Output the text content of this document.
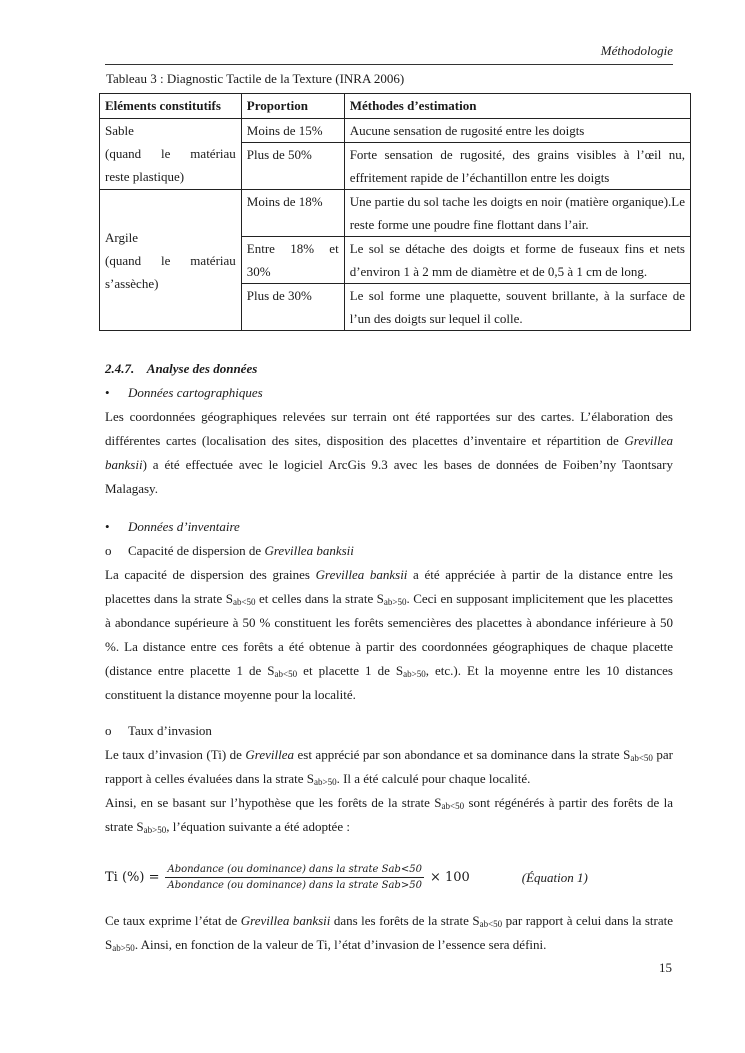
Méthodologie
Tableau 3 : Diagnostic Tactile de la Texture (INRA 2006)
Eléments constitutifs	Proportion	Méthodes d’estimation

Sable
(quand le matériau
reste plastique)	Moins de 15%	Aucune sensation de rugosité entre les doigts
	Plus de 50%	Forte sensation de rugosité, des grains visibles à l’œil nu, effritement rapide de l’échantillon entre les doigts

Argile
(quand le matériau
s’assèche)	Moins de 18%	Une partie du sol tache les doigts en noir (matière organique).Le reste forme une poudre fine flottant dans l’air.
	Entre 18% et 30%	Le sol se détache des doigts et forme de fuseaux fins et nets d’environ 1 à 2 mm de diamètre et de 0,5 à 1 cm de long.
	Plus de 30%	Le sol forme une plaquette, souvent brillante, à la surface de l’un des doigts sur lequel il colle.

2.4.7.    Analyse des données

•	Données cartographiques

Les coordonnées géographiques relevées sur terrain ont été rapportées sur des cartes. L’élaboration des différentes cartes (localisation des sites, disposition des placettes d’inventaire et répartition de Grevillea banksii) a été effectuée avec le logiciel ArcGis 9.3 avec les bases de données de Foiben’ny Taontsary Malagasy.

•	Données d’inventaire
o	Capacité de dispersion de Grevillea banksii

La capacité de dispersion des graines Grevillea banksii a été appréciée à partir de la distance entre les placettes dans la strate $S_{ab<50}$ et celles dans la strate $S_{ab>50}$. Ceci en supposant implicitement que les placettes à abondance supérieure à 50 % constituent les forêts semencières des placettes à abondance inférieure à 50 %. La distance entre ces forêts a été obtenue à partir des coordonnées géographiques de chaque placette (distance entre placette 1 de $S_{ab<50}$ et placette 1 de $S_{ab>50}$, etc.). Et la moyenne entre les 10 distances constituent la distance moyenne pour la localité.

o	Taux d’invasion

Le taux d’invasion (Ti) de Grevillea est apprécié par son abondance et sa dominance dans la strate $S_{ab<50}$ par rapport à celles évaluées dans la strate $S_{ab>50}$. Il a été calculé pour chaque localité.

Ainsi, en se basant sur l’hypothèse que les forêts de la strate $S_{ab<50}$ sont régénérés à partir des forêts de la strate $S_{ab>50}$, l’équation suivante a été adoptée :

Ti (%) = $\frac{\text{Abondance (ou dominance) dans la strate Sab<50}}{\text{Abondance (ou dominance) dans la strate Sab>50}} \times 100$	(Équation 1)

Ce taux exprime l’état de Grevillea banksii dans les forêts de la strate $S_{ab<50}$ par rapport à celui dans la strate $S_{ab>50}$. Ainsi, en fonction de la valeur de Ti, l’état d’invasion de l’essence sera défini.

15
